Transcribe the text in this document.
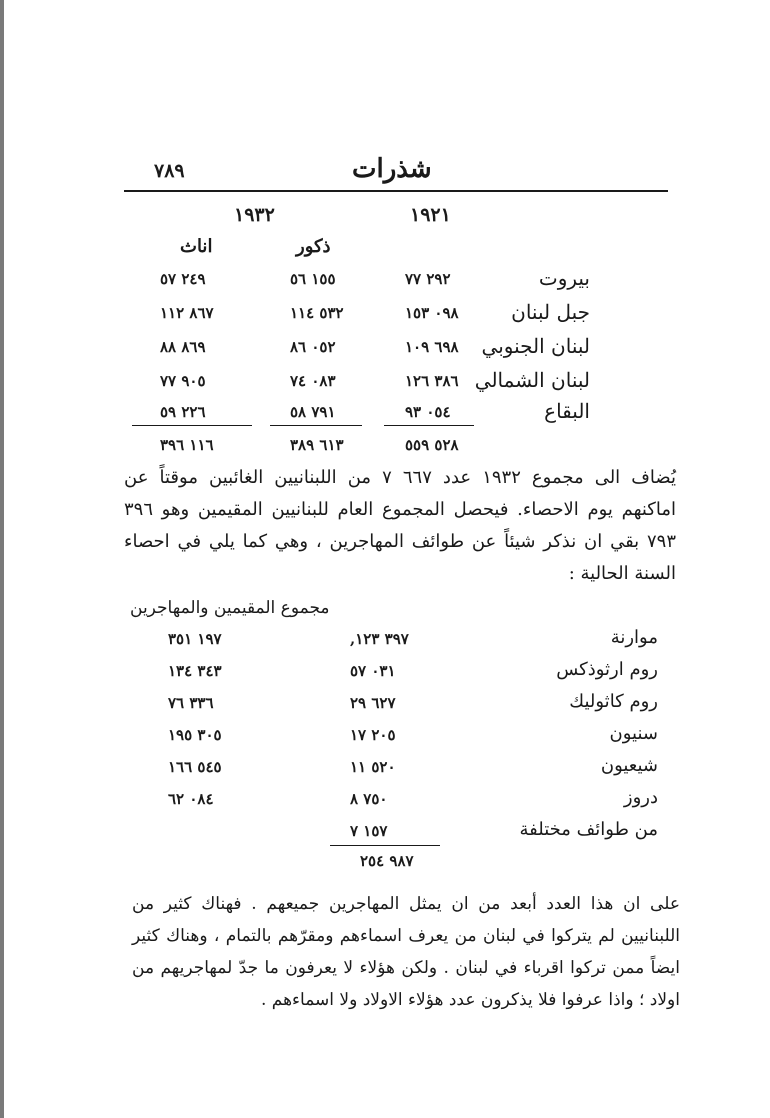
٧٨٩	شذرات
١٩٢١
١٩٣٢
ذكور
اناث
بيروت
٢٩٢ ٧٧
١٥٥ ٥٦
٢٤٩ ٥٧
جبل لبنان
٠٩٨ ١٥٣
٥٣٢ ١١٤
٨٦٧ ١١٢
لبنان الجنوبي
٦٩٨ ١٠٩
٠٥٢ ٨٦
٨٦٩ ٨٨
لبنان الشمالي
٣٨٦ ١٢٦
٠٨٣ ٧٤
٩٠٥ ٧٧
البقاع
٠٥٤ ٩٣
٧٩١ ٥٨
٢٢٦ ٥٩
٥٢٨ ٥٥٩
٦١٣ ٣٨٩
١١٦ ٣٩٦
يُضاف الى مجموع ١٩٣٢ عدد ٦٦٧ ٧ من اللبنانيين الغائبين موقتاً عن اماكنهم يوم الاحصاء. فيحصل المجموع العام للبنانيين المقيمين وهو ٣٩٦ ٧٩٣ بقي ان نذكر شيئاً عن طوائف المهاجرين ، وهي كما يلي في احصاء السنة الحالية :
مجموع المقيمين والمهاجرين
موارنة
٣٩٧ ١٢٣,
١٩٧ ٣٥١
روم ارثوذكس
٠٣١ ٥٧
٣٤٣ ١٣٤
روم كاثوليك
٦٢٧ ٢٩
٣٣٦ ٧٦
سنيون
٢٠٥ ١٧
٣٠٥ ١٩٥
شيعيون
٥٢٠ ١١
٥٤٥ ١٦٦
دروز
٧٥٠ ٨
٠٨٤ ٦٢
من طوائف مختلفة
١٥٧ ٧
٩٨٧ ٢٥٤
على ان هذا العدد أبعد من ان يمثل المهاجرين جميعهم . فهناك كثير من اللبنانيين لم يتركوا في لبنان من يعرف اسماءهم ومقرّهم بالتمام ، وهناك كثير ايضاً ممن تركوا اقرباء في لبنان . ولكن هؤلاء لا يعرفون ما جدّ لمهاجريهم من اولاد ؛ واذا عرفوا فلا يذكرون عدد هؤلاء الاولاد ولا اسماءهم .
